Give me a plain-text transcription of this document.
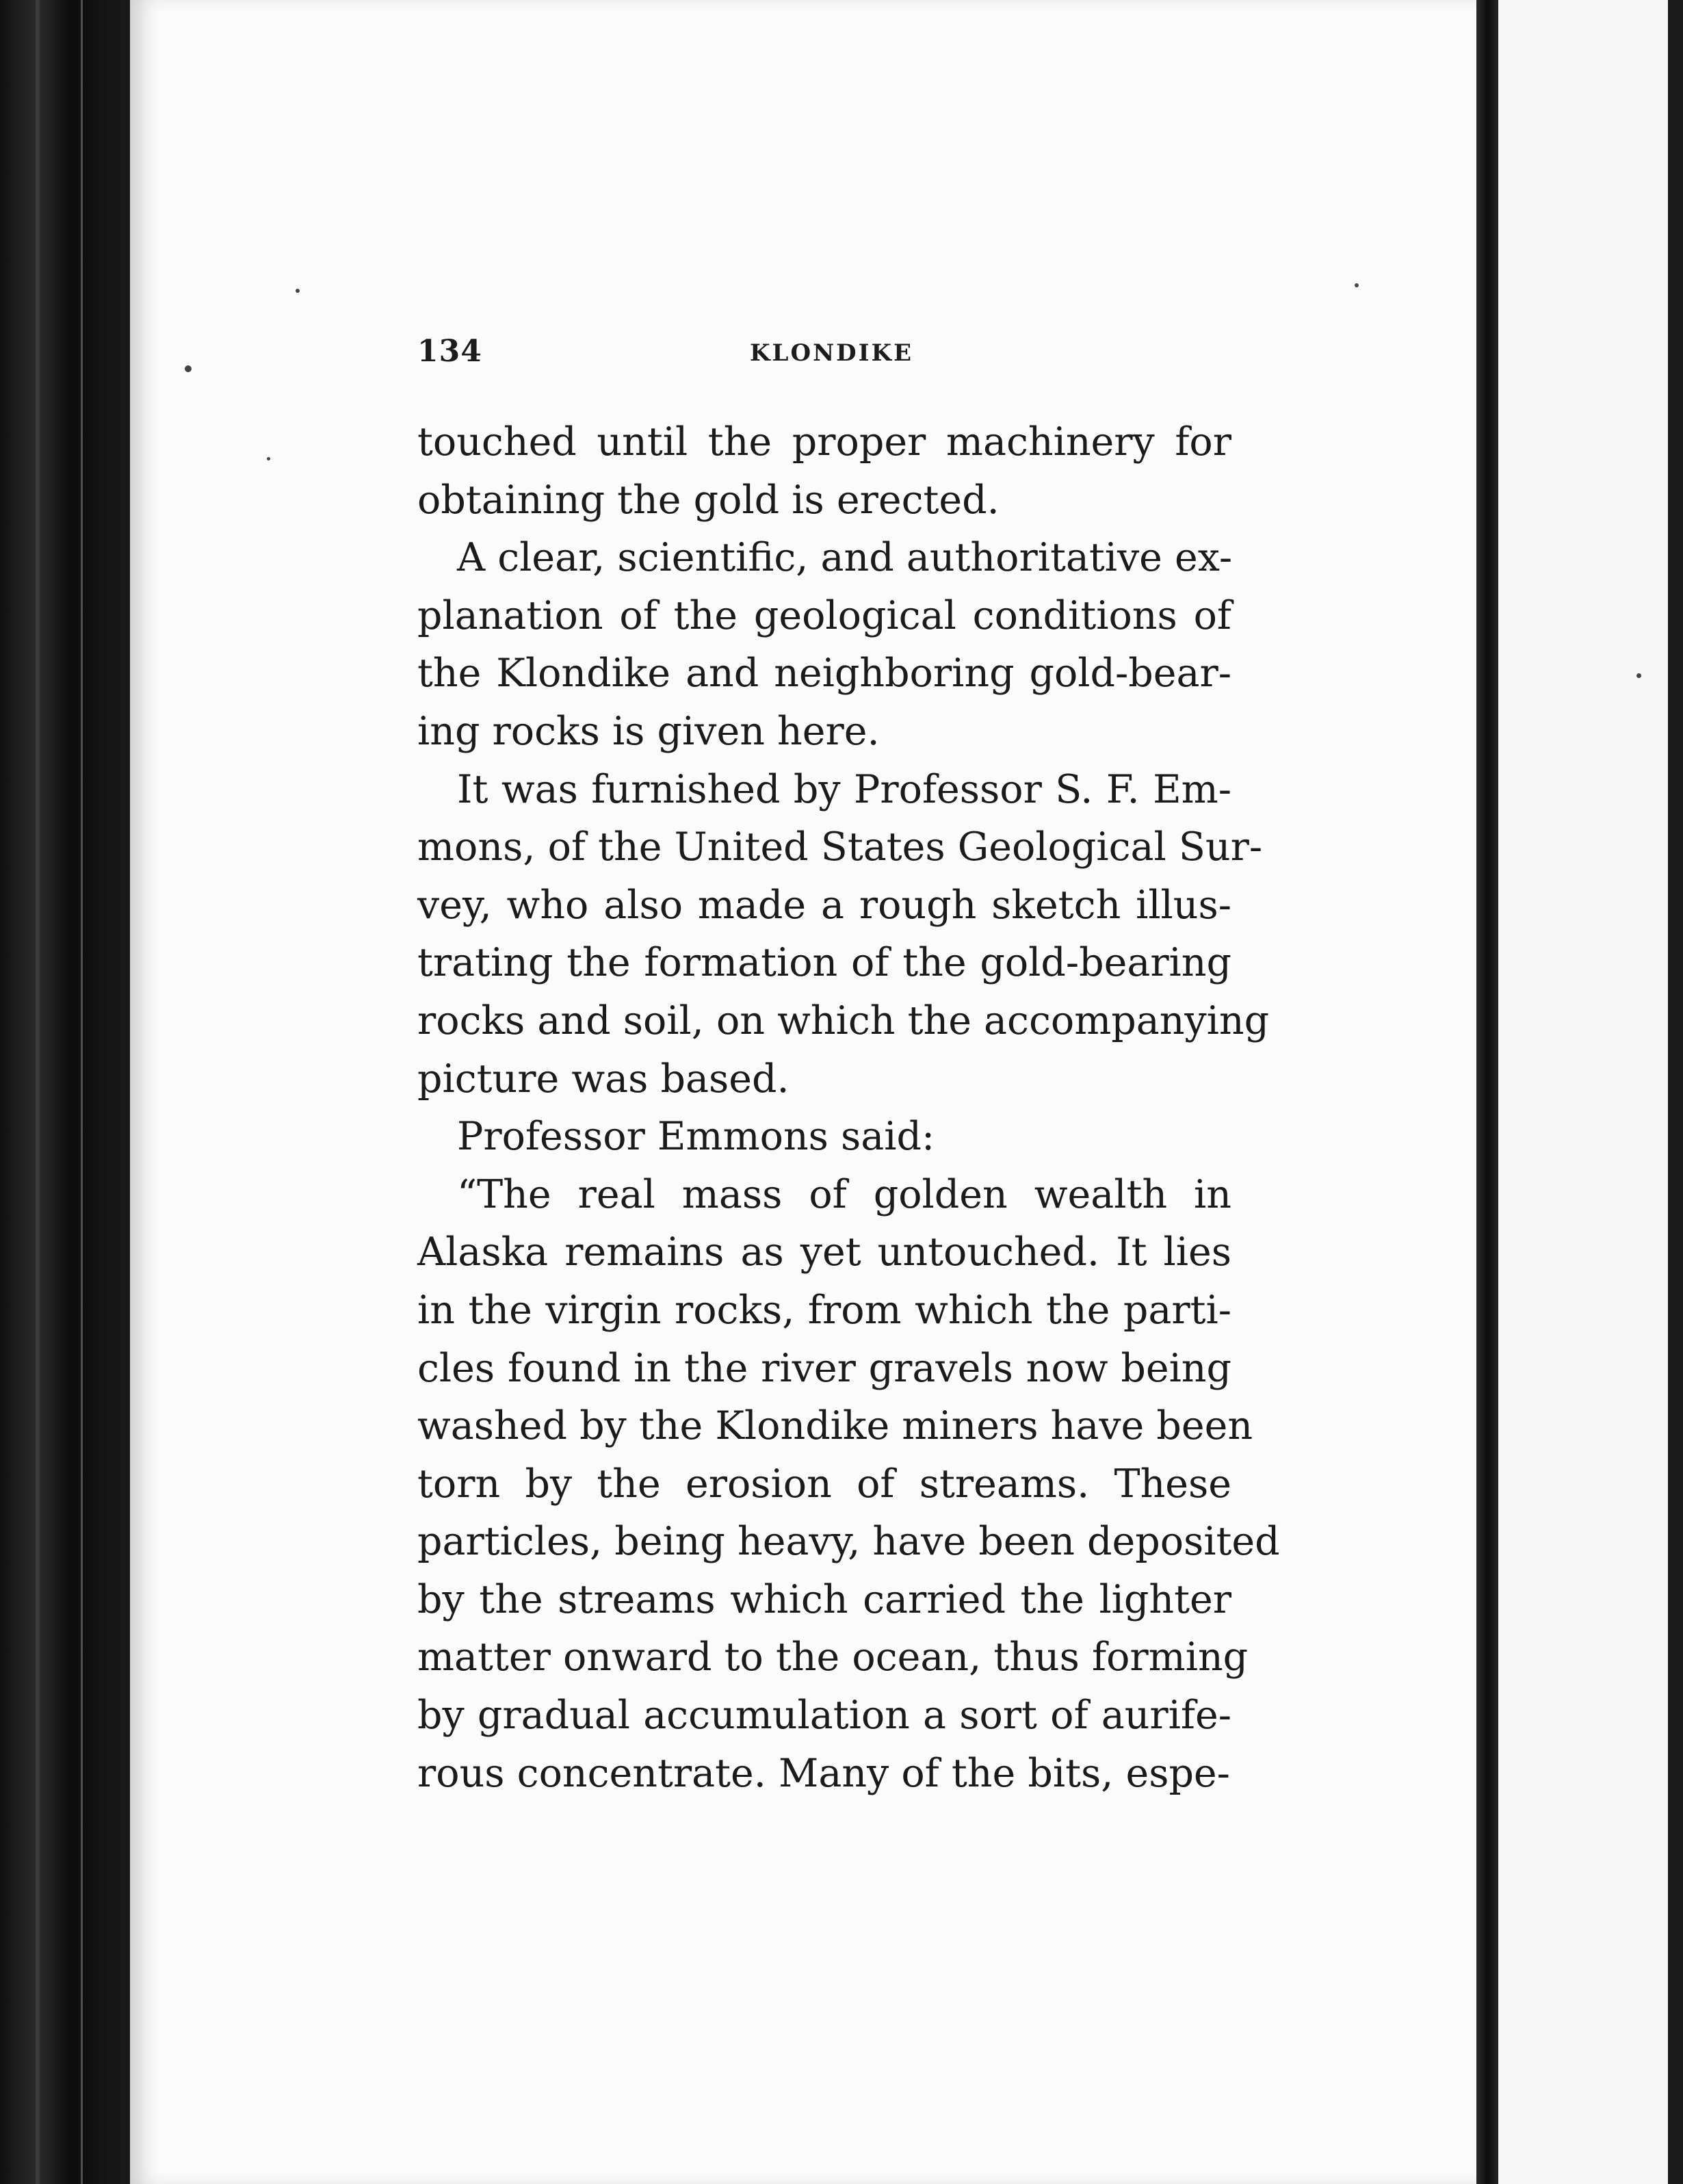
134	KLONDIKE
touched until the proper machinery for
obtaining the gold is erected.
A clear, scientific, and authoritative ex-
planation of the geological conditions of
the Klondike and neighboring gold-bear-
ing rocks is given here.
It was furnished by Professor S. F. Em-
mons, of the United States Geological Sur-
vey, who also made a rough sketch illus-
trating the formation of the gold-bearing
rocks and soil, on which the accompanying
picture was based.
Professor Emmons said:
“The real mass of golden wealth in
Alaska remains as yet untouched. It lies
in the virgin rocks, from which the parti-
cles found in the river gravels now being
washed by the Klondike miners have been
torn by the erosion of streams. These
particles, being heavy, have been deposited
by the streams which carried the lighter
matter onward to the ocean, thus forming
by gradual accumulation a sort of aurife-
rous concentrate. Many of the bits, espe-
